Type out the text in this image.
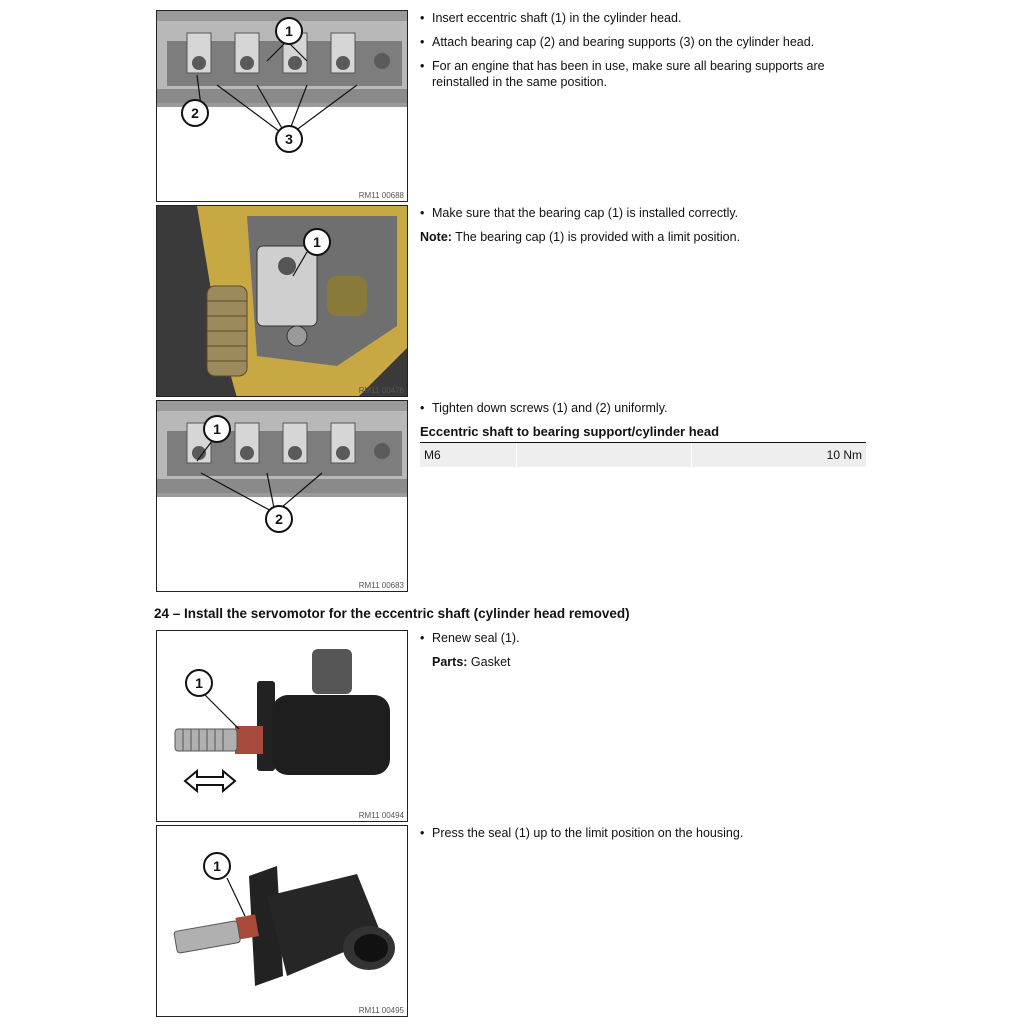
1
2
3
RM11 00688
• Insert eccentric shaft (1) in the cylinder head.
• Attach bearing cap (2) and bearing supports (3) on the cylinder head.
• For an engine that has been in use, make sure all bearing supports are reinstalled in the same position.
1
RM11 00476
• Make sure that the bearing cap (1) is installed correctly.
Note: The bearing cap (1) is provided with a limit position.
1
2
RM11 00683
• Tighten down screws (1) and (2) uniformly.
Eccentric shaft to bearing support/cylinder head
M6	10 Nm
24 – Install the servomotor for the eccentric shaft (cylinder head removed)
1
RM11 00494
• Renew seal (1).
Parts: Gasket
1
RM11 00495
• Press the seal (1) up to the limit position on the housing.
